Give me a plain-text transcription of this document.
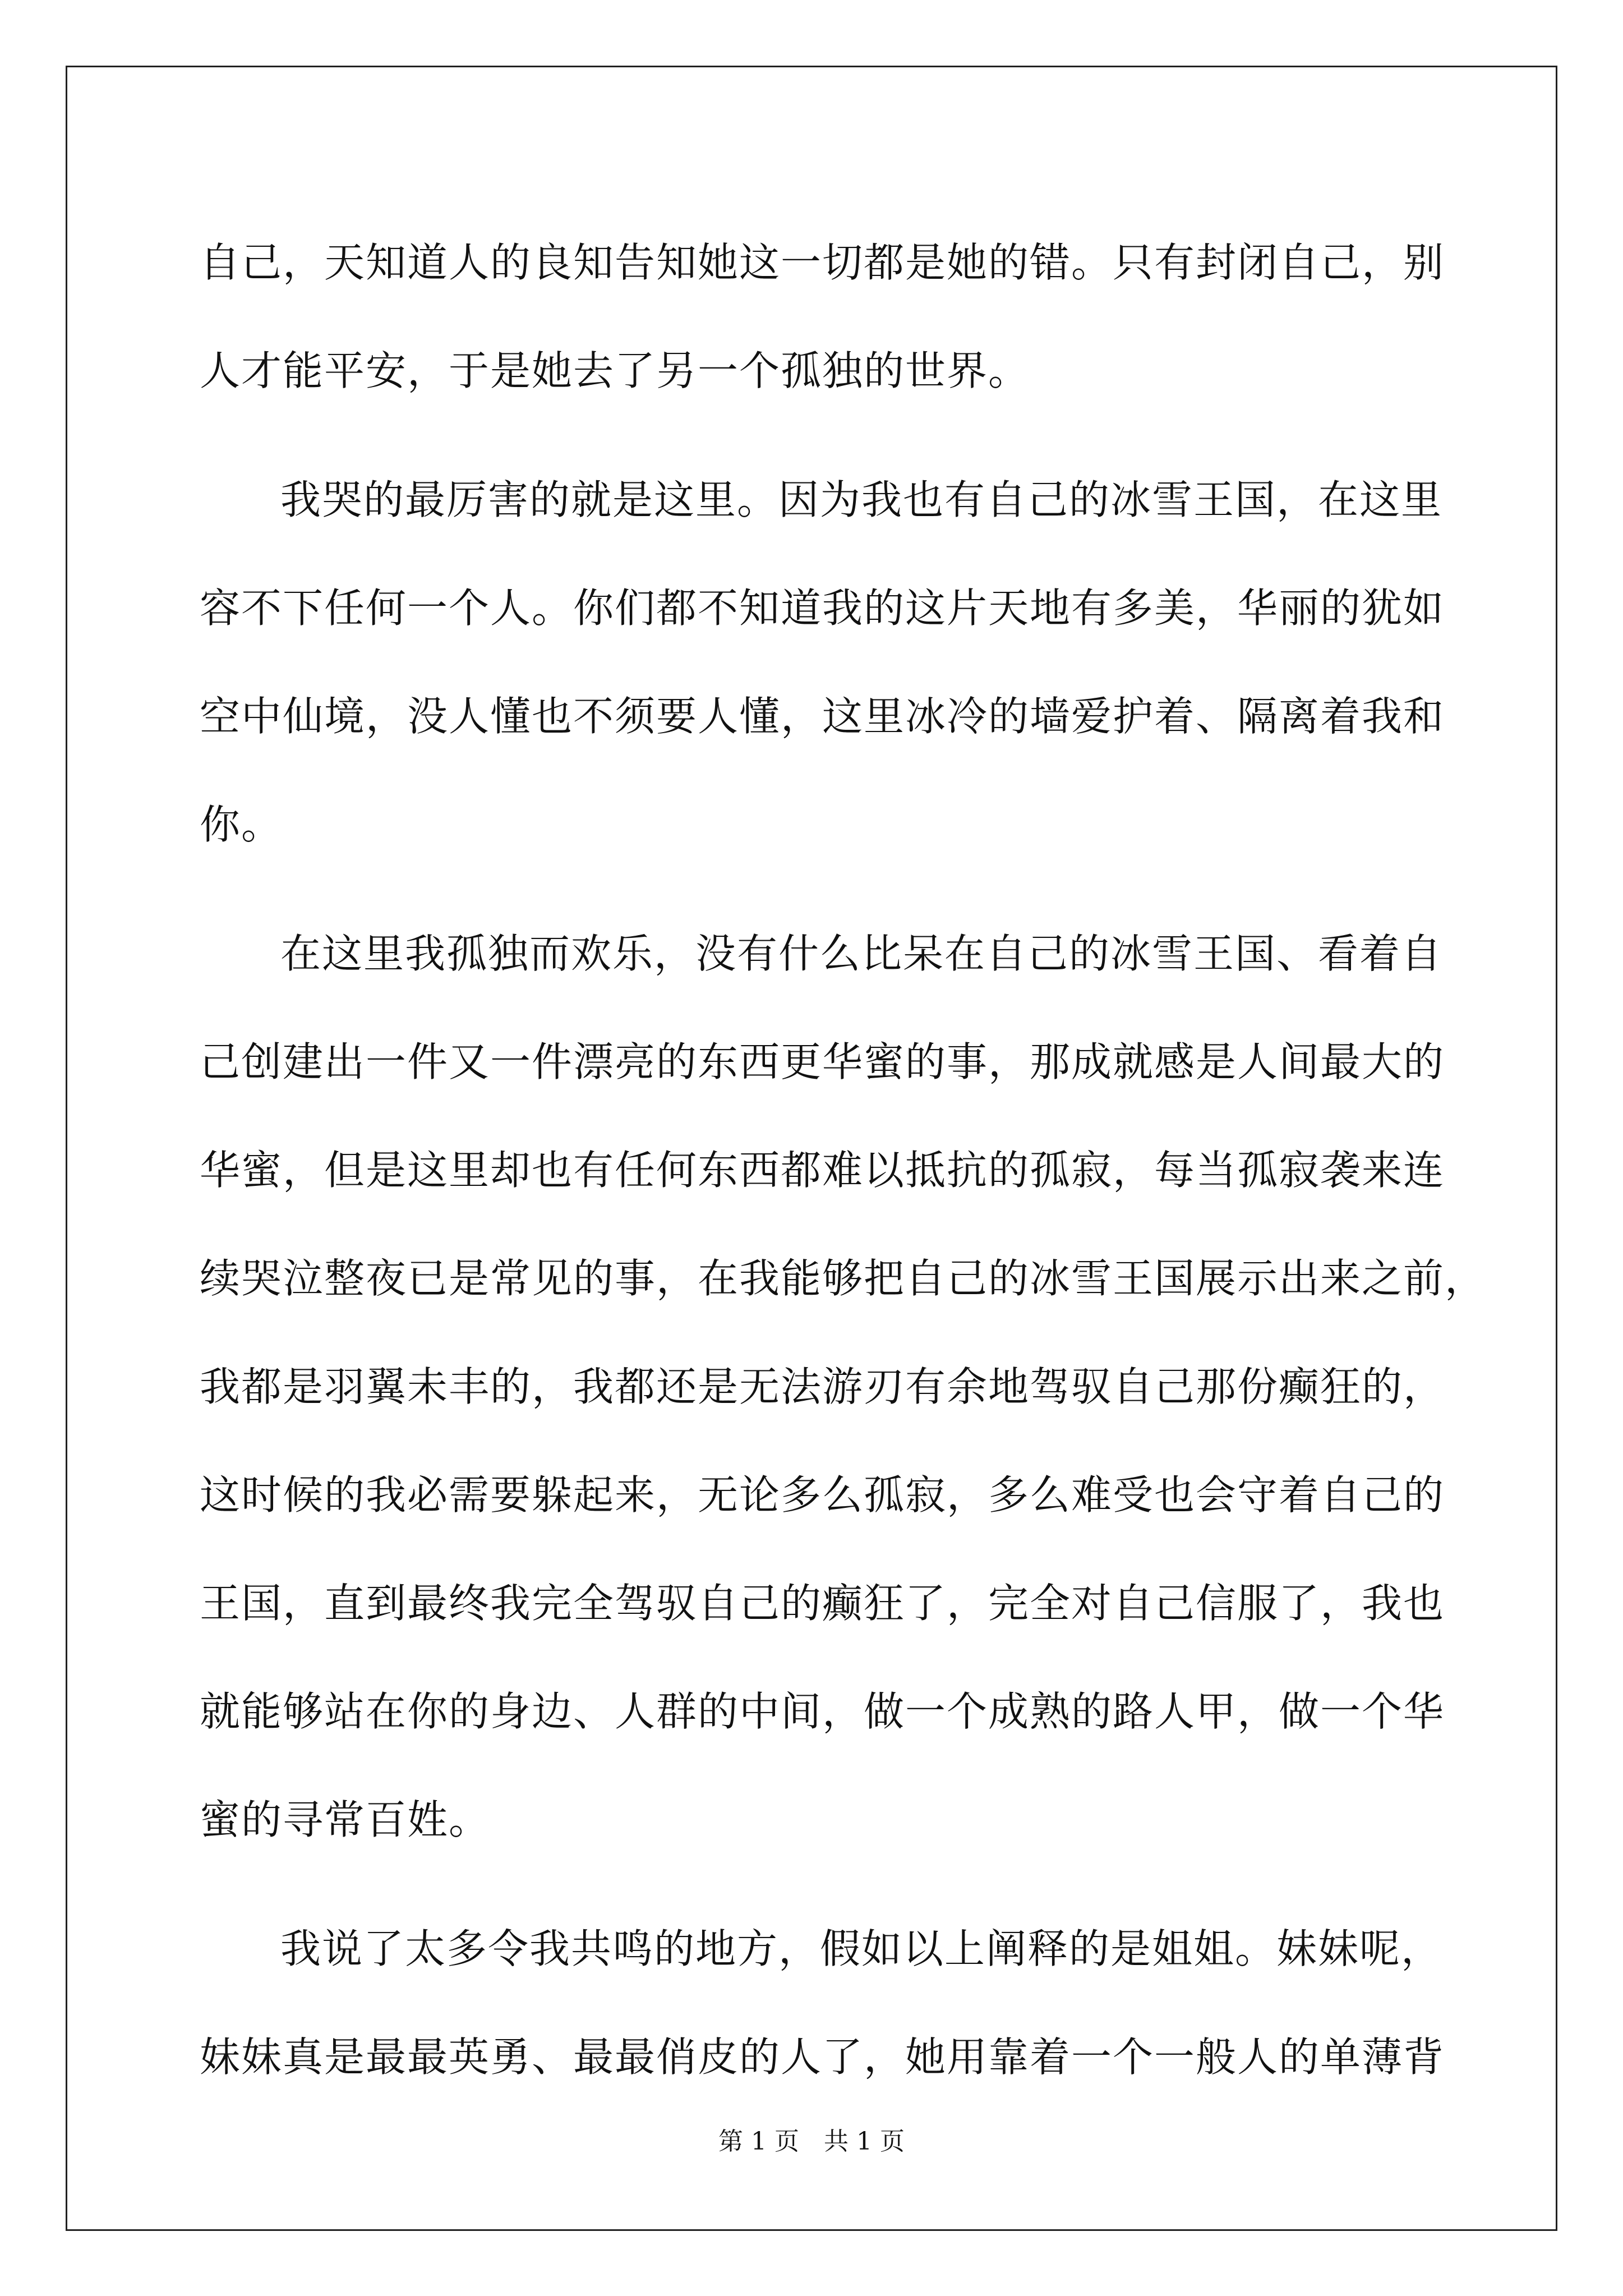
自己，天知道人的良知告知她这一切都是她的错。只有封闭自己，别
人才能平安，于是她去了另一个孤独的世界。
我哭的最厉害的就是这里。因为我也有自己的冰雪王国，在这里
容不下任何一个人。你们都不知道我的这片天地有多美，华丽的犹如
空中仙境，没人懂也不须要人懂，这里冰冷的墙爱护着、隔离着我和
你。
在这里我孤独而欢乐，没有什么比呆在自己的冰雪王国、看着自
己创建出一件又一件漂亮的东西更华蜜的事，那成就感是人间最大的
华蜜，但是这里却也有任何东西都难以抵抗的孤寂，每当孤寂袭来连
续哭泣整夜已是常见的事，在我能够把自己的冰雪王国展示出来之前，
我都是羽翼未丰的，我都还是无法游刃有余地驾驭自己那份癫狂的，
这时候的我必需要躲起来，无论多么孤寂，多么难受也会守着自己的
王国，直到最终我完全驾驭自己的癫狂了，完全对自己信服了，我也
就能够站在你的身边、人群的中间，做一个成熟的路人甲，做一个华
蜜的寻常百姓。
我说了太多令我共鸣的地方，假如以上阐释的是姐姐。妹妹呢，
妹妹真是最最英勇、最最俏皮的人了，她用靠着一个一般人的单薄背
第 1 页 共 1 页
